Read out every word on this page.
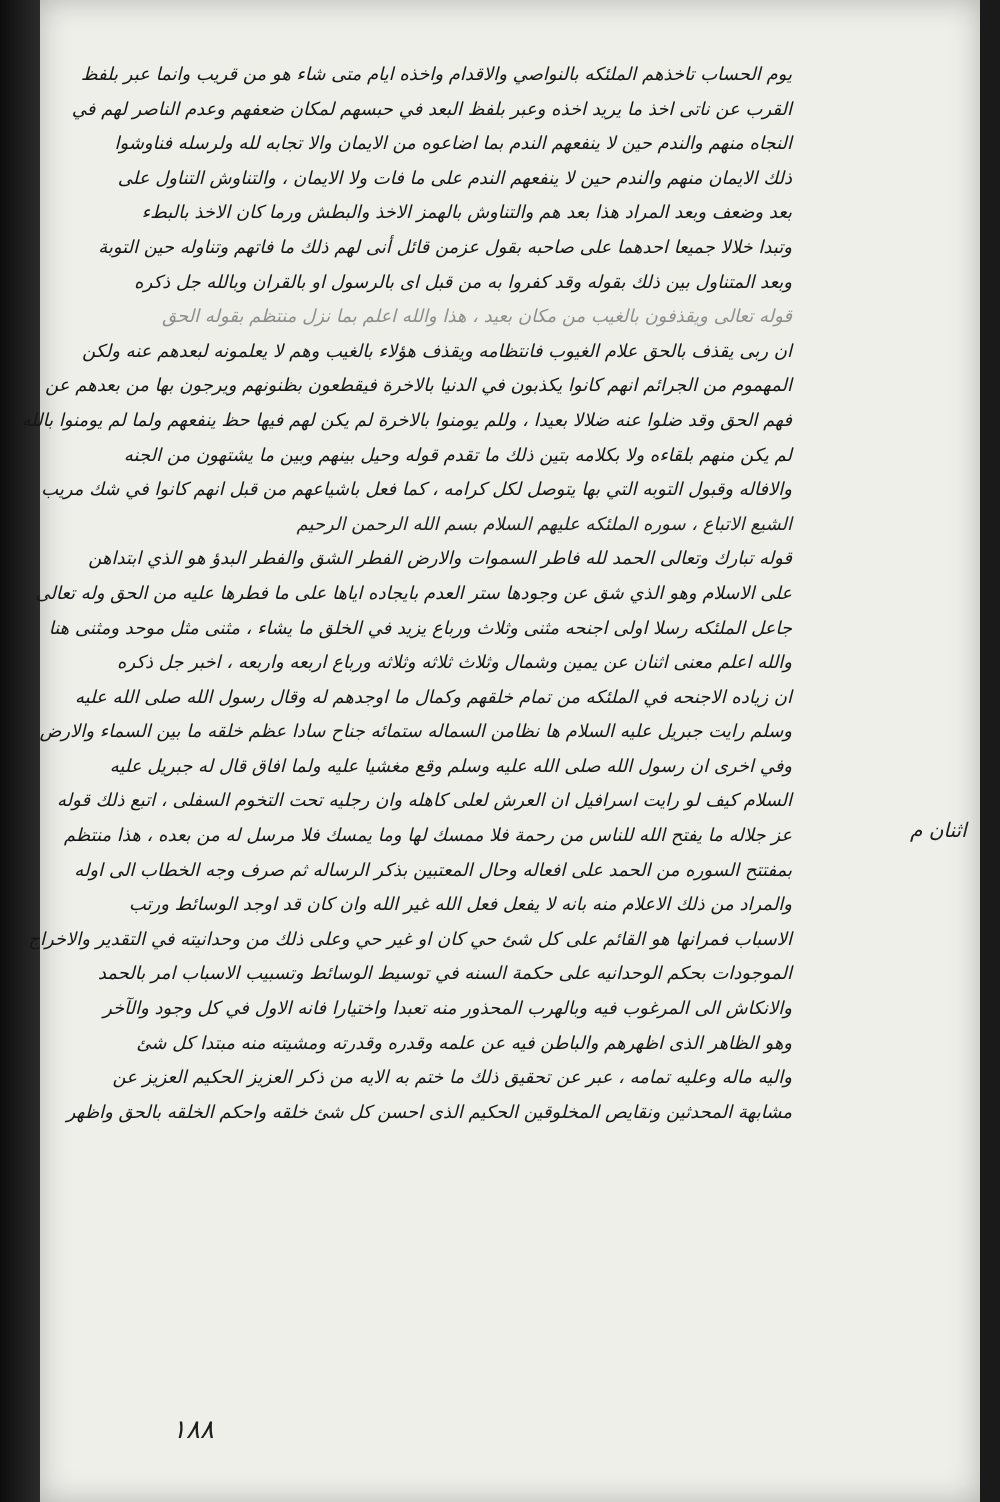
يوم الحساب تاخذهم الملئكه بالنواصي والاقدام واخذه ايام متى شاء هو من قريب وانما عبر بلفظ
القرب عن ناتى اخذ ما يريد اخذه وعبر بلفظ البعد في حبسهم لمكان ضعفهم وعدم الناصر لهم في
النجاه منهم والندم حين لا ينفعهم الندم بما اضاعوه من الايمان والا تجابه لله ولرسله فناوشوا
ذلك الايمان منهم والندم حين لا ينفعهم الندم على ما فات ولا الايمان ، والتناوش التناول على
بعد وضعف وبعد المراد هذا بعد هم والتناوش بالهمز الاخذ والبطش ورما كان الاخذ بالبطء
وتبدا خلالا جميعا احدهما على صاحبه بقول عزمن قائل أنى لهم ذلك ما فاتهم وتناوله حين التوبة
وبعد المتناول بين ذلك بقوله وقد كفروا به من قبل اى بالرسول او بالقران وبالله جل ذكره
قوله تعالى ويقذفون بالغيب من مكان بعيد ، هذا والله اعلم بما نزل منتظم بقوله الحق
ان ربى يقذف بالحق علام الغيوب فانتظامه ويقذف هؤلاء بالغيب وهم لا يعلمونه لبعدهم عنه ولكن
المهموم من الجرائم انهم كانوا يكذبون في الدنيا بالاخرة فيقطعون بظنونهم ويرجون بها من بعدهم عن
فهم الحق وقد ضلوا عنه ضلالا بعيدا ، وللم يومنوا بالاخرة لم يكن لهم فيها حظ ينفعهم ولما لم يومنوا بالله
لم يكن منهم بلقاءه ولا بكلامه بتين ذلك ما تقدم قوله وحيل بينهم وبين ما يشتهون من الجنه
والافاله وقبول التوبه التي بها يتوصل لكل كرامه ، كما فعل باشياعهم من قبل انهم كانوا في شك مريب
الشيع الاتباع ، سوره الملئكه عليهم السلام بسم الله الرحمن الرحيم
قوله تبارك وتعالى الحمد لله فاطر السموات والارض الفطر الشق والفطر البدؤ هو الذي ابتداهن
على الاسلام وهو الذي شق عن وجودها ستر العدم بايجاده اياها على ما فطرها عليه من الحق وله تعالى
جاعل الملئكه رسلا اولى اجنحه مثنى وثلاث ورباع يزيد في الخلق ما يشاء ، مثنى مثل موحد ومثنى هنا
والله اعلم معنى اثنان عن يمين وشمال وثلاث ثلاثه وثلاثه ورباع اربعه واربعه ، اخبر جل ذكره
ان زياده الاجنحه في الملئكه من تمام خلقهم وكمال ما اوجدهم له وقال رسول الله صلى الله عليه
وسلم رايت جبريل عليه السلام ها نظامن السماله ستمائه جناح سادا عظم خلقه ما بين السماء والارض
وفي اخرى ان رسول الله صلى الله عليه وسلم وقع مغشيا عليه ولما افاق قال له جبريل عليه
السلام كيف لو رايت اسرافيل ان العرش لعلى كاهله وان رجليه تحت التخوم السفلى ، اتبع ذلك قوله
عز جلاله ما يفتح الله للناس من رحمة فلا ممسك لها وما يمسك فلا مرسل له من بعده ، هذا منتظم
بمفتتح السوره من الحمد على افعاله وحال المعتبين بذكر الرساله ثم صرف وجه الخطاب الى اوله
والمراد من ذلك الاعلام منه بانه لا يفعل فعل الله غير الله وان كان قد اوجد الوسائط ورتب
الاسباب فمرانها هو القائم على كل شئ حي كان او غير حي وعلى ذلك من وحدانيته في التقدير والاخراج
الموجودات بحكم الوحدانيه على حكمة السنه في توسيط الوسائط وتسبيب الاسباب امر بالحمد
والانكاش الى المرغوب فيه وبالهرب المحذور منه تعبدا واختيارا فانه الاول في كل وجود والآخر
وهو الظاهر الذى اظهرهم والباطن فيه عن علمه وقدره وقدرته ومشيته منه مبتدا كل شئ
واليه ماله وعليه تمامه ، عبر عن تحقيق ذلك ما ختم به الايه من ذكر العزيز الحكيم العزيز عن
مشابهة المحدثين ونقايص المخلوقين الحكيم الذى احسن كل شئ خلقه واحكم الخلقه بالحق واظهر
اثنان م
١٨٨
